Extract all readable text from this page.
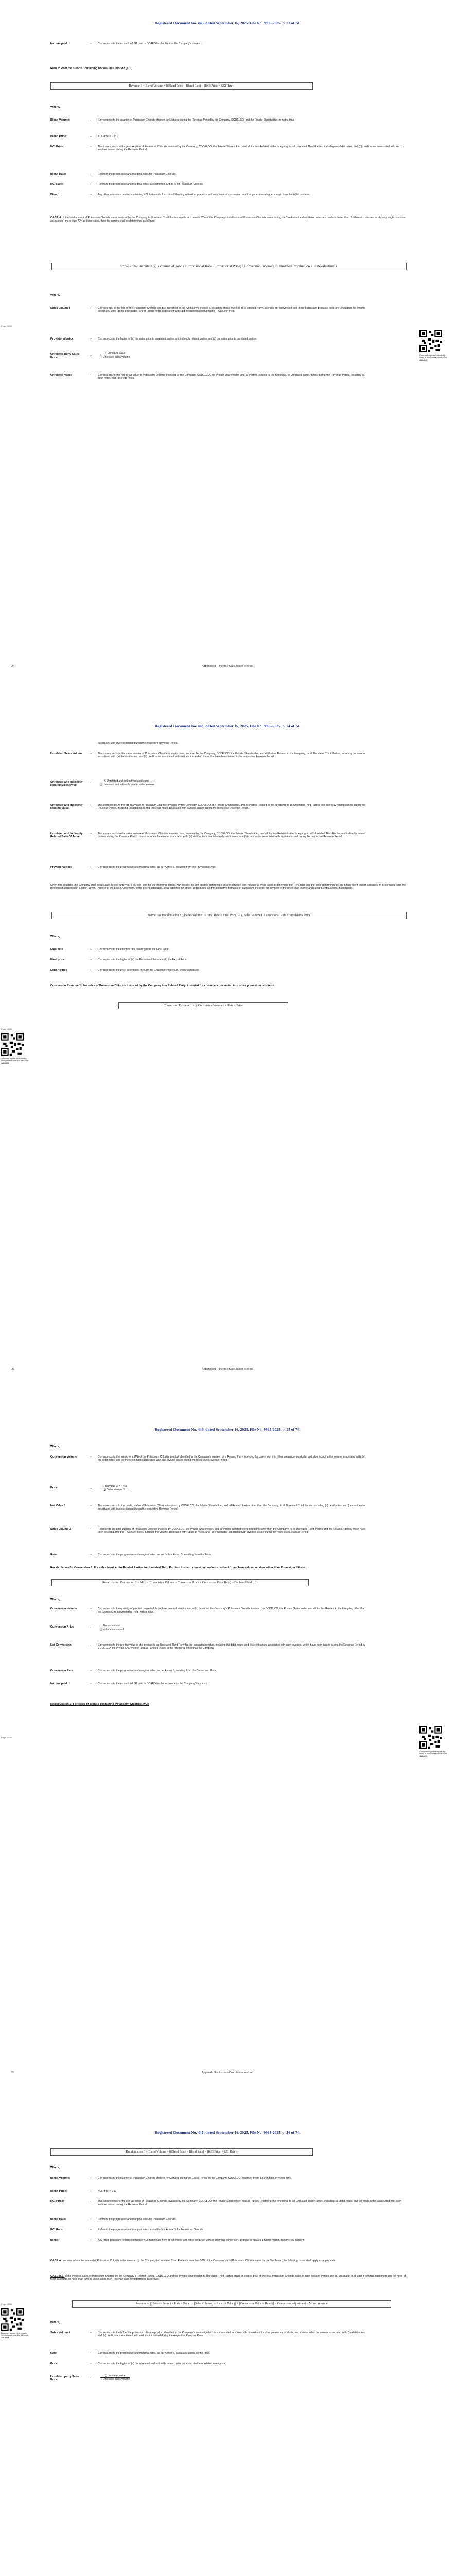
Registered Document No. 446, dated September 16, 2025. File No. 9995-2025. p. 23 of 74.
Income paid i	– Corresponds to the amount in US$ paid to CORFO for the Rent on the Company's invoice i.
Rent 3: Rent for Blends Containing Potassium Chloride (KCl)
Revenue 3 = Blend Volume × [(Blend Price − Blend Rate) − (KCl Price × KCl Rate)]
Where,
Blend Volume:	– Corresponds to the quantity of Potassium Chloride shipped for Mixtures during the Revenue Period by the Company, CODELCO, and the Private Shareholder, in metric tons.
Blend Price:	– KCl Price × 1.13
KCl Price:	– This corresponds to the pre-tax price of Potassium Chloride invoiced by the Company, CODELCO, the Private Shareholder, and all Parties Related to the foregoing, to all Unrelated Third Parties, including (a) debit notes, and (b) credit notes associated with such invoices issued during the Revenue Period.
Blend Rate:	– Refers to the progressive and marginal rates for Potassium Chloride.
KCl Rate:	– Refers to the progressive and marginal rates, as set forth in Annex 5, for Potassium Chloride.
Blend:	– Any other potassium product containing KCl that results from direct blending with other products, without chemical conversion, and that generates a higher margin than the KCl it contains.
CASE A: If the total amount of Potassium Chloride sales invoiced by the Company to Unrelated Third Parties equals or exceeds 50% of the Company's total invoiced Potassium Chloride sales during the Tax Period and (a) those sales are made to fewer than 3 different customers or (b) any single customer accounts for more than 70% of those sales, then the income shall be determined as follows:
Provisional Income = ∑ [(Volume of goods × Provisional Rate × Provisional Price) / Conversion Income] × Unrelated Revaluation 2 × Revaluation 3
Where,
Sales Volume i	– Corresponds to the MT of the Potassium Chloride product identified in the Company's invoice i, excluding those invoiced to a Related Party, intended for conversion into other potassium products, less any (including the volume associated with: (a) the debit notes, and (b) credit notes associated with said invoice) issued during the Revenue Period.
Provisional price	– Corresponds to the higher of (a) the sales price to unrelated parties and indirectly related parties and (b) the sales price to unrelated parties.
Unrelated party Sales Price	–
∑ Unrelated value
∑ Unrelated sales volume
Unrelated Value	– Corresponds to the net-of-tax value of Potassium Chloride invoiced by the Company, CODELCO, the Private Shareholder, and all Parties Related to the foregoing, to Unrelated Third Parties during the Revenue Period, including (a) debit notes, and (b) credit notes.
Page: 39/56
Document signed electronically. Verify at www.notario.cl with code 446-2025
24	Appendix 9 – Income Calculation Method
Registered Document No. 446, dated September 16, 2025. File No. 9995-2025. p. 24 of 74.
associated with invoices issued during the respective Revenue Period.
Unrelated Sales Volume	– This corresponds to the sales volume of Potassium Chloride in metric tons, invoiced by the Company, CODELCO, the Private Shareholder, and all Parties Related to the foregoing, to all Unrelated Third Parties, including the volume associated with: (a) the debit notes, and (b) credit notes associated with said invoice and (c) those that have been issued to the respective Revenue Period.
Unrelated and Indirectly Related Sales Price
–
∑ Unrelated and indirectly related value i
∑ Unrelated and indirectly related sales volume
Unrelated and Indirectly Related Value
– This corresponds to the pre-tax value of Potassium Chloride invoiced by the Company, CODELCO, the Private Shareholder, and all Parties Related to the foregoing, to all Unrelated Third Parties and indirectly related parties during the Revenue Period, including (a) debit notes and (b) credit notes associated with invoices issued during the respective Revenue Period.
Unrelated and Indirectly Related Sales Volume
– This corresponds to the sales volume of Potassium Chloride in metric tons, invoiced by the Company, CODELCO, the Private Shareholder, and all Parties Related to the foregoing, to all Unrelated Third Parties and indirectly related parties, during the Revenue Period. It also includes the volume associated with: (a) debit notes associated with said invoice, and (b) credit notes associated with invoices issued during the respective Revenue Period.
Provisional rate	– Corresponds to the progressive and marginal rates, as per Annex 5, resulting from the Provisional Price.
Given this situation, the Company shall recalculate before, until year-end, the Rent for the following period, with respect to any positive differences arising between the Provisional Price used to determine the Rent paid and the price determined by an independent expert appointed in accordance with the mechanism described in Section Seven-Three(g) of the Lease Agreement, to the extent applicable, shall establish the prices, procedures, and/or alternative formulas for calculating the price for payment of the respective quarter and subsequent quarters, if applicable.
Income Tax Recalculation = ∑[Sales volume i × Final Rate × Final Price] − ∑[Sales Volume i × Provisional Rate × Provisional Price]
Where,
Final rate	– Corresponds to the effective rate resulting from the Final Price.
Final price	– Corresponds to the higher of (a) the Provisional Price and (b) the Export Price.
Export Price	– Corresponds to the price determined through the Challenge Procedure, where applicable.
Conversion Revenue 1: For sales of Potassium Chloride invoiced by the Company to a Related Party, intended for chemical conversion into other potassium products.
Conversion Revenue 1 = ∑ Conversion Volume i × Rate × Price
Page: 40/56
Document signed electronically. Verify at www.notario.cl with code 446-2025
25	Appendix 9 – Income Calculation Method
Registered Document No. 446, dated September 16, 2025. File No. 9995-2025. p. 25 of 74.
Where,
Conversion Volume i	– Corresponds to the metric tons (Mt) of the Potassium Chloride product identified in the Company's invoice i to a Related Party, intended for conversion into other potassium products, and also including the volume associated with: (a) the debit notes, and (b) the credit notes associated with said invoice issued during the respective Revenue Period.
Price	–
∑ net value 1i × 4 % i
∑ Sales Volume 3i
Net Value 3	– This corresponds to the pre-tax value of Potassium Chloride invoiced by CODELCO, the Private Shareholder, and all Related Parties other than the Company, to all Unrelated Third Parties, including (a) debit notes, and (b) credit notes associated with invoices issued during the respective Revenue Period.
Sales Volume 3	– Represents the total quantity of Potassium Chloride invoiced by CODELCO, the Private Shareholder, and all Parties Related to the foregoing other than the Company, to all Unrelated Third Parties and the Related Parties, which have been issued during the Revenue Period, including the volume associated with: (a) debit notes, and (b) credit notes associated with invoices issued during the respective Revenue Period.
Rate	– Corresponds to the progressive and marginal rates, as set forth in Annex 5, resulting from the Price.
Recalculation for Conversion 2: For sales invoiced to Related Parties to Unrelated Third Parties of other potassium products derived from chemical conversion, other than Potassium Nitrate.
Recalculation Conversion 2 = Max. {(Conversion Volume × Conversion Price × Conversion Price Rate) − Declared Paid i, 0}
Where,
Conversion Volume	– Corresponds to the quantity of product converted through a chemical reaction and sold, based on the Company's Potassium Chloride invoice i, by CODELCO, the Private Shareholder, and all Parties Related to the foregoing other than the Company, to all Unrelated Third Parties in Mt.
Conversion Price	–
Net conversion
∑ Volume converted
Net Conversion	– Corresponds to the pre-tax value of the invoices to an Unrelated Third Party for the converted product, including (a) debit notes, and (b) credit notes associated with such invoices, which have been issued during the Revenue Period by CODELCO, the Private Shareholder, and all Parties Related to the foregoing, other than the Company.
Conversion Rate	– Corresponds to the progressive and marginal rates, as per Annex 5, resulting from the Conversion Price.
Income paid i	– Corresponds to the amount in US$ paid to CORFO for the Income from the Company's invoice i.
Recalculation 3: For sales of Blends containing Potassium Chloride (KCl)
Page: 41/56
Document signed electronically. Verify at www.notario.cl with code 446-2025
26	Appendix 9 – Income Calculation Method
Registered Document No. 446, dated September 16, 2025. File No. 9995-2025. p. 26 of 74.
Recalculation 3 = Blend Volume × [(Blend Price − Blend Rate) − (KCl Price × KCl Rate)]
Where,
Blend Volume:	– Corresponds to the quantity of Potassium Chloride shipped for Mixtures during the Lease Period by the Company, CODELCO, and the Private Shareholder, in metric tons.
Blend Price:	– KCl Price × 1.13
KCl Price:	– This corresponds to the pre-tax price of Potassium Chloride invoiced by the Company, CODELCO, the Private Shareholder, and all Parties Related to the foregoing, to all Unrelated Third Parties, including (a) debit notes, and (b) credit notes associated with such invoices issued during the Revenue Period.
Blend Rate:	– Refers to the progressive and marginal rates for Potassium Chloride.
KCl Rate:	– Refers to the progressive and marginal rates, as set forth in Annex 5, for Potassium Chloride.
Blend:	– Any other potassium product containing KCl that results from direct mixing with other products, without chemical conversion, and that generates a higher margin than the KCl content.
CASE A: In cases where the amount of Potassium Chloride sales invoiced by the Company to Unrelated Third Parties is less than 50% of the Company's total Potassium Chloride sales for the Tax Period, the following cases shall apply as appropriate.
CASE B.1: If the invoiced sales of Potassium Chloride by the Company's Related Parties, CODELCO and the Private Shareholder, to Unrelated Third Parties equal or exceed 50% of the total Potassium Chloride sales of such Related Parties and (a) are made to at least 3 different customers and (b) none of them accounts for more than 70% of those sales, then Revenue shall be determined as follows:
Revenue = ∑[Sales volume i × Rate × Price] + [Sales volume j × Rate j × Price j] + [Conversion Price × Rate k] − Conversion adjustment − Mixed revenue
Where,
Sales Volume i	– Corresponds to the MT of the potassium chloride product identified in the Company's invoice i, which is not intended for chemical conversion into other potassium products, and also includes the volume associated with: (a) debit notes, and (b) credit notes associated with said invoice issued during the respective Revenue Period.
Rate	– Corresponds to the progressive and marginal rates, as per Annex 5, calculated based on the Price.
Price	– Corresponds to the higher of (a) the unrelated and indirectly related sales price and (b) the unrelated sales price.
Unrelated party Sales Price	–
∑ Unrelated value
∑ Unrelated sales volume
Page: 42/56
Document signed electronically. Verify at www.notario.cl with code 446-2025
